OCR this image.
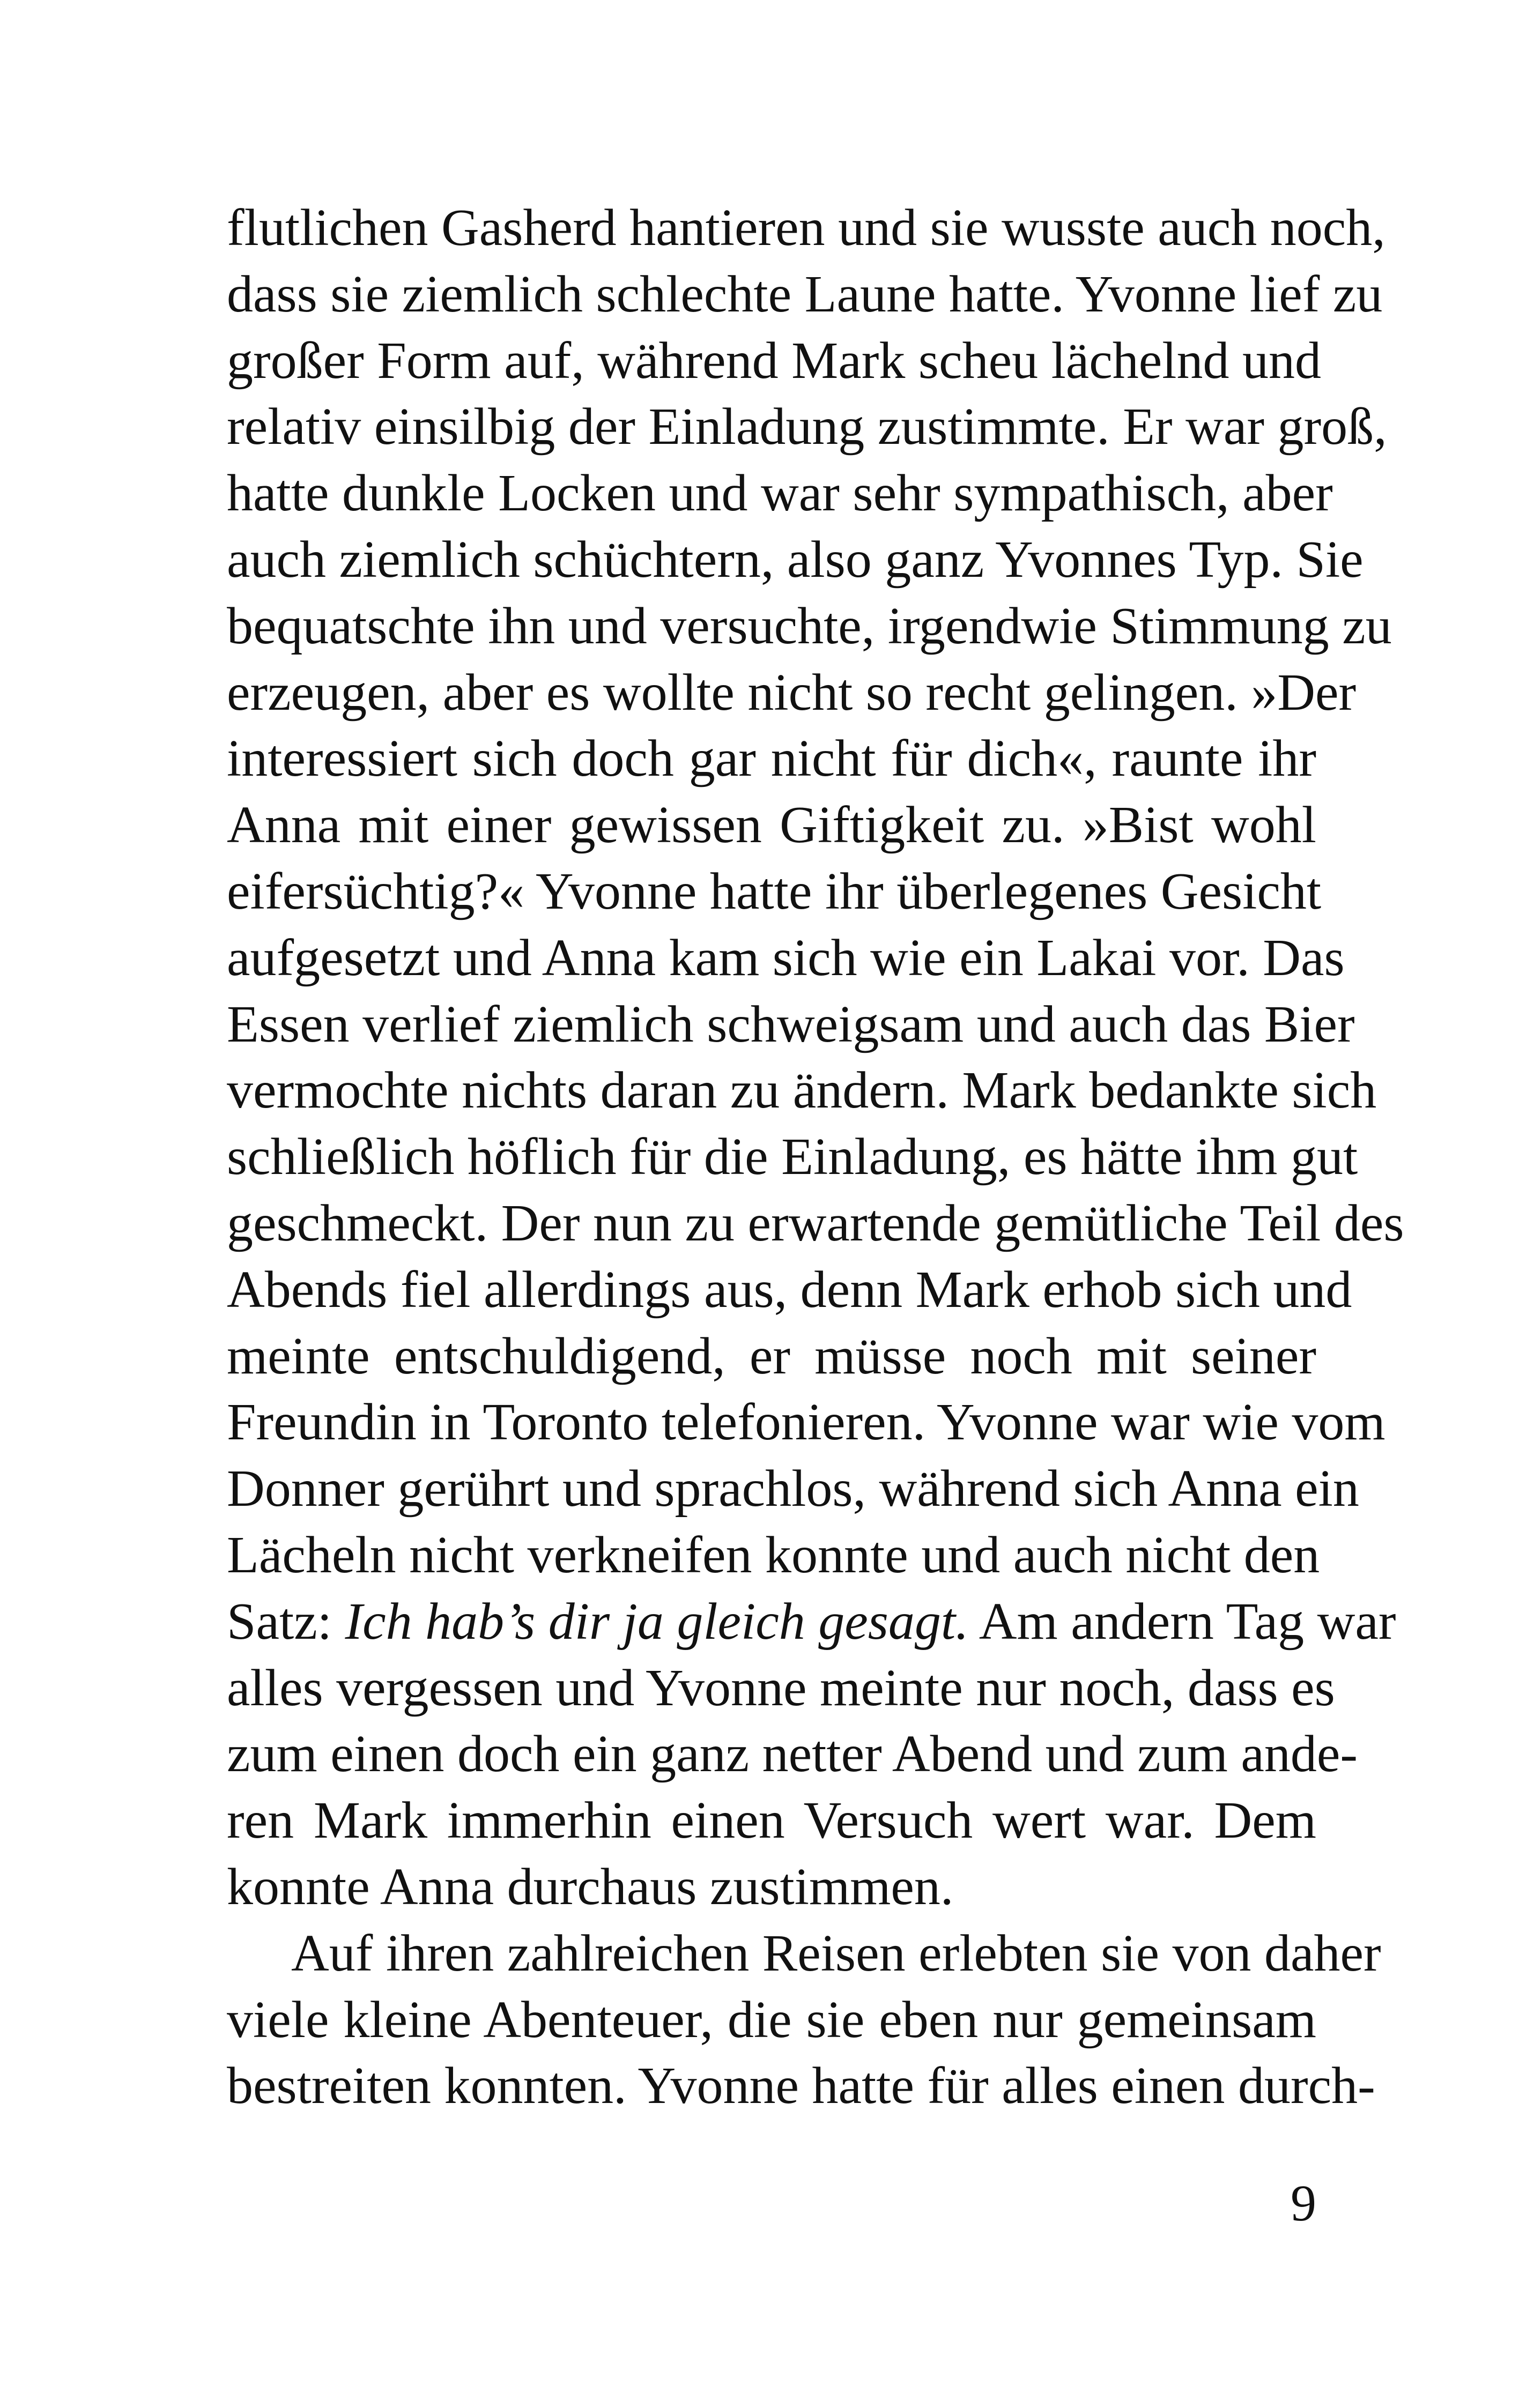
flutlichen Gasherd hantieren und sie wusste auch noch,
dass sie ziemlich schlechte Laune hatte. Yvonne lief zu
großer Form auf, während Mark scheu lächelnd und
relativ einsilbig der Einladung zustimmte. Er war groß,
hatte dunkle Locken und war sehr sympathisch, aber
auch ziemlich schüchtern, also ganz Yvonnes Typ. Sie
bequatschte ihn und versuchte, irgendwie Stimmung zu
erzeugen, aber es wollte nicht so recht gelingen. »Der
interessiert sich doch gar nicht für dich«, raunte ihr
Anna mit einer gewissen Giftigkeit zu. »Bist wohl
eifersüchtig?« Yvonne hatte ihr überlegenes Gesicht
aufgesetzt und Anna kam sich wie ein Lakai vor. Das
Essen verlief ziemlich schweigsam und auch das Bier
vermochte nichts daran zu ändern. Mark bedankte sich
schließlich höflich für die Einladung, es hätte ihm gut
geschmeckt. Der nun zu erwartende gemütliche Teil des
Abends fiel allerdings aus, denn Mark erhob sich und
meinte entschuldigend, er müsse noch mit seiner
Freundin in Toronto telefonieren. Yvonne war wie vom
Donner gerührt und sprachlos, während sich Anna ein
Lächeln nicht verkneifen konnte und auch nicht den
Satz: Ich hab’s dir ja gleich gesagt. Am andern Tag war
alles vergessen und Yvonne meinte nur noch, dass es
zum einen doch ein ganz netter Abend und zum ande-
ren Mark immerhin einen Versuch wert war. Dem
konnte Anna durchaus zustimmen.
Auf ihren zahlreichen Reisen erlebten sie von daher
viele kleine Abenteuer, die sie eben nur gemeinsam
bestreiten konnten. Yvonne hatte für alles einen durch-
9
